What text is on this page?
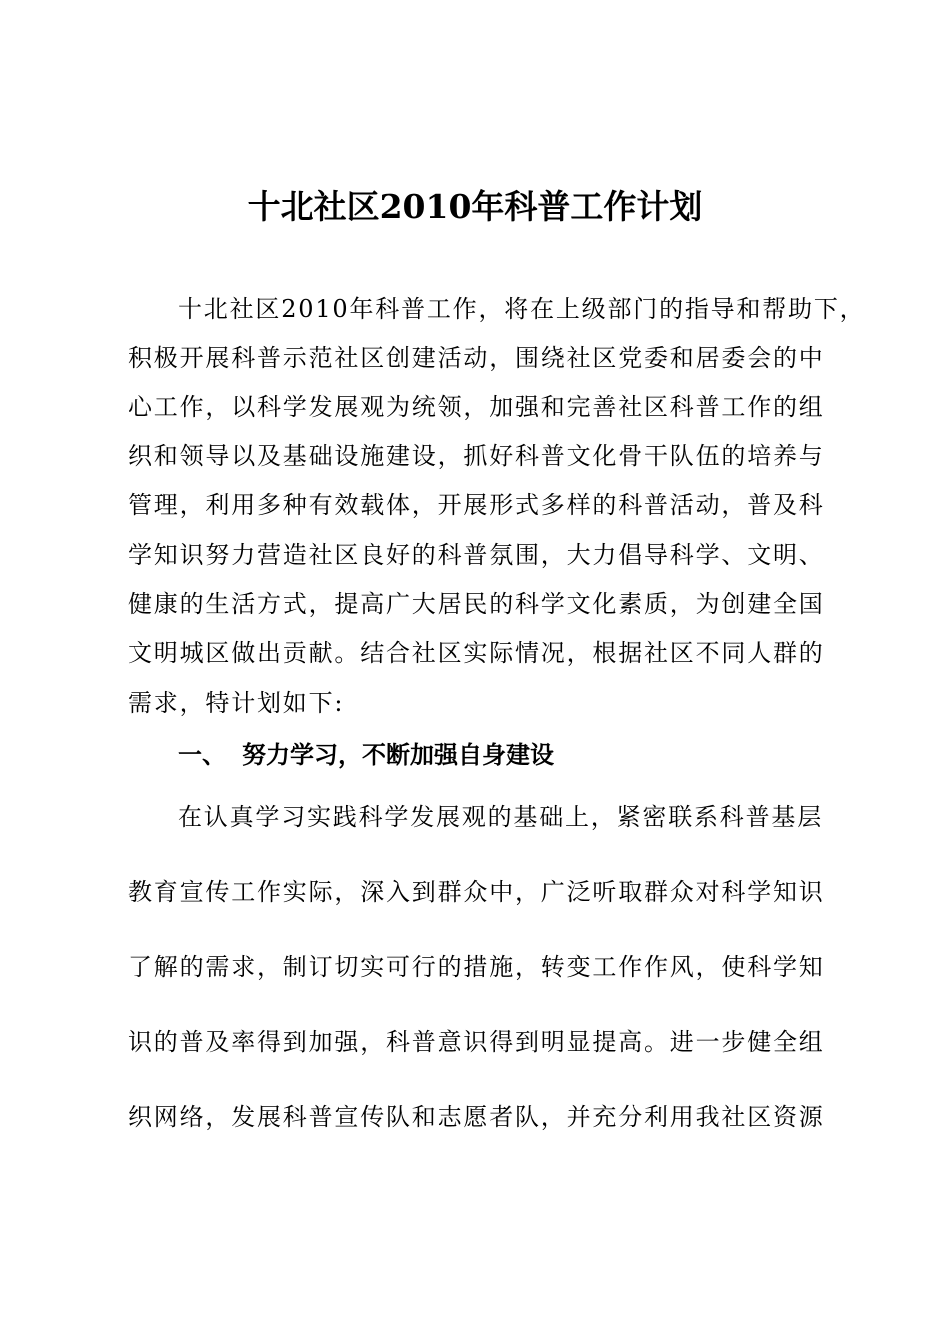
十北社区2010年科普工作计划
十北社区2010年科普工作，将在上级部门的指导和帮助下，
积极开展科普示范社区创建活动，围绕社区党委和居委会的中
心工作，以科学发展观为统领，加强和完善社区科普工作的组
织和领导以及基础设施建设，抓好科普文化骨干队伍的培养与
管理，利用多种有效载体，开展形式多样的科普活动，普及科
学知识努力营造社区良好的科普氛围，大力倡导科学、文明、
健康的生活方式，提高广大居民的科学文化素质，为创建全国
文明城区做出贡献。结合社区实际情况，根据社区不同人群的
需求，特计划如下:
一、 努力学习，不断加强自身建设
在认真学习实践科学发展观的基础上，紧密联系科普基层
教育宣传工作实际，深入到群众中，广泛听取群众对科学知识
了解的需求，制订切实可行的措施，转变工作作风，使科学知
识的普及率得到加强，科普意识得到明显提高。进一步健全组
织网络，发展科普宣传队和志愿者队，并充分利用我社区资源
